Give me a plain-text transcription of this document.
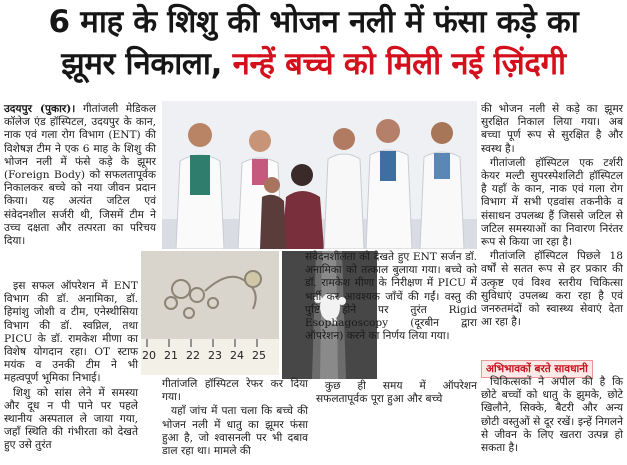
6 माह के शिशु की भोजन नली में फंसा कड़े का
झूमर निकाला, नन्हें बच्चे को मिली नई ज़िंदगी

उदयपुर (पुकार)। गीतांजली मेडिकल कॉलेज एंड हॉस्पिटल, उदयपुर के कान, नाक एवं गला रोग विभाग (ENT) की विशेषज्ञ टीम ने एक 6 माह के शिशु की भोजन नली में फंसे कड़े के झूमर (Foreign Body) को सफलतापूर्वक निकालकर बच्चे को नया जीवन प्रदान किया। यह अत्यंत जटिल एवं संवेदनशील सर्जरी थी, जिसमें टीम ने उच्च दक्षता और तत्परता का परिचय दिया।

इस सफल ऑपरेशन में ENT विभाग की डॉ. अनामिका, डॉ. हिमांशु जोशी व टीम, एनेस्थीसिया विभाग की डॉ. स्वप्निल, तथा PICU के डॉ. रामकेश मीणा का विशेष योगदान रहा। OT स्टाफ मयंक व उनकी टीम ने भी महत्वपूर्ण भूमिका निभाई।

शिशु को सांस लेने में समस्या और दूध न पी पाने पर पहले स्थानीय अस्पताल ले जाया गया, जहाँ स्थिति की गंभीरता को देखते हुए उसे तुरंत

20 21 22 23 24 25

संवेदनशीलता को देखते हुए ENT सर्जन डॉ. अनामिका को तत्काल बुलाया गया। बच्चे को डॉ. रामकेश मीणा के निरीक्षण में PICU में भर्ती कर आवश्यक जाँचें की गईं। वस्तु की पुष्टि होने पर तुरंत Rigid Esophagoscopy (दूरबीन द्वारा ऑपरेशन) करने का निर्णय लिया गया।

गीतांजलि हॉस्पिटल रेफर कर दिया गया।

यहाँ जांच में पता चला कि बच्चे की भोजन नली में धातु का झूमर फंसा हुआ है, जो श्वासनली पर भी दबाव डाल रहा था। मामले की

कुछ ही समय में ऑपरेशन सफलतापूर्वक पूरा हुआ और बच्चे

की भोजन नली से कड़े का झूमर सुरक्षित निकाल लिया गया। अब बच्चा पूर्ण रूप से सुरक्षित है और स्वस्थ है।

गीतांजली हॉस्पिटल एक टर्शरी केयर मल्टी सुपरस्पेशलिटी हॉस्पिटल है यहाँ के कान, नाक एवं गला रोग विभाग में सभी एडवांस तकनीके व संसाधन उपलब्ध हैं जिससे जटिल से जटिल समस्याओं का निवारण निरंतर रूप से किया जा रहा है।

गीतांजलि हॉस्पिटल पिछले 18 वर्षों से सतत रूप से हर प्रकार की उत्कृष्ट एवं विश्व स्तरीय चिकित्सा सुविधाएं उपलब्ध करा रहा है एवं जनरुतमंदों को स्वास्थ्य सेवाएं देता आ रहा है।

अभिभावकों बरते सावधानी

चिकित्सकों ने अपील की है कि छोटे बच्चों को धातु के झुमके, छोटे खिलौने, सिक्के, बैटरी और अन्य छोटी वस्तुओं से दूर रखें। इन्हें निगलने से जीवन के लिए खतरा उत्पन्न हो सकता है।
